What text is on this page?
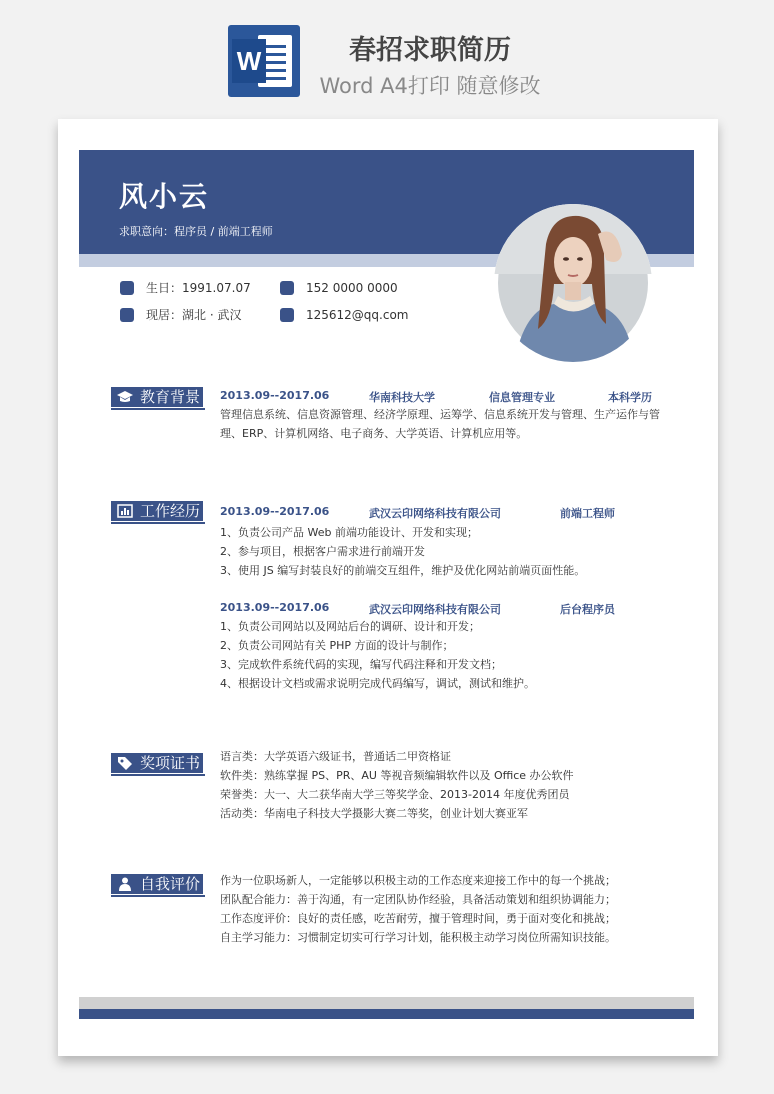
W	春招求职简历
Word A4打印 随意修改
风小云
求职意向：程序员 / 前端工程师
生日：1991.07.07
现居：湖北 · 武汉
152 0000 0000
125612@qq.com
教育背景 2013.09--2017.06	华南科技大学	信息管理专业	本科学历
管理信息系统、信息资源管理、经济学原理、运筹学、信息系统开发与管理、生产运作与管
理、ERP、计算机网络、电子商务、大学英语、计算机应用等。
工作经历 2013.09--2017.06	武汉云印网络科技有限公司	前端工程师
1、负责公司产品 Web 前端功能设计、开发和实现；
2、参与项目，根据客户需求进行前端开发
3、使用 JS 编写封装良好的前端交互组件，维护及优化网站前端页面性能。
2013.09--2017.06	武汉云印网络科技有限公司	后台程序员
1、负责公司网站以及网站后台的调研、设计和开发；
2、负责公司网站有关 PHP 方面的设计与制作；
3、完成软件系统代码的实现，编写代码注释和开发文档；
4、根据设计文档或需求说明完成代码编写，调试，测试和维护。
奖项证书 语言类：大学英语六级证书，普通话二甲资格证
软件类：熟练掌握 PS、PR、AU 等视音频编辑软件以及 Office 办公软件
荣誉类：大一、大二获华南大学三等奖学金、2013-2014 年度优秀团员
活动类：华南电子科技大学摄影大赛二等奖，创业计划大赛亚军
自我评价 作为一位职场新人，一定能够以积极主动的工作态度来迎接工作中的每一个挑战；
团队配合能力：善于沟通，有一定团队协作经验，具备活动策划和组织协调能力；
工作态度评价：良好的责任感，吃苦耐劳，擅于管理时间，勇于面对变化和挑战；
自主学习能力：习惯制定切实可行学习计划，能积极主动学习岗位所需知识技能。
